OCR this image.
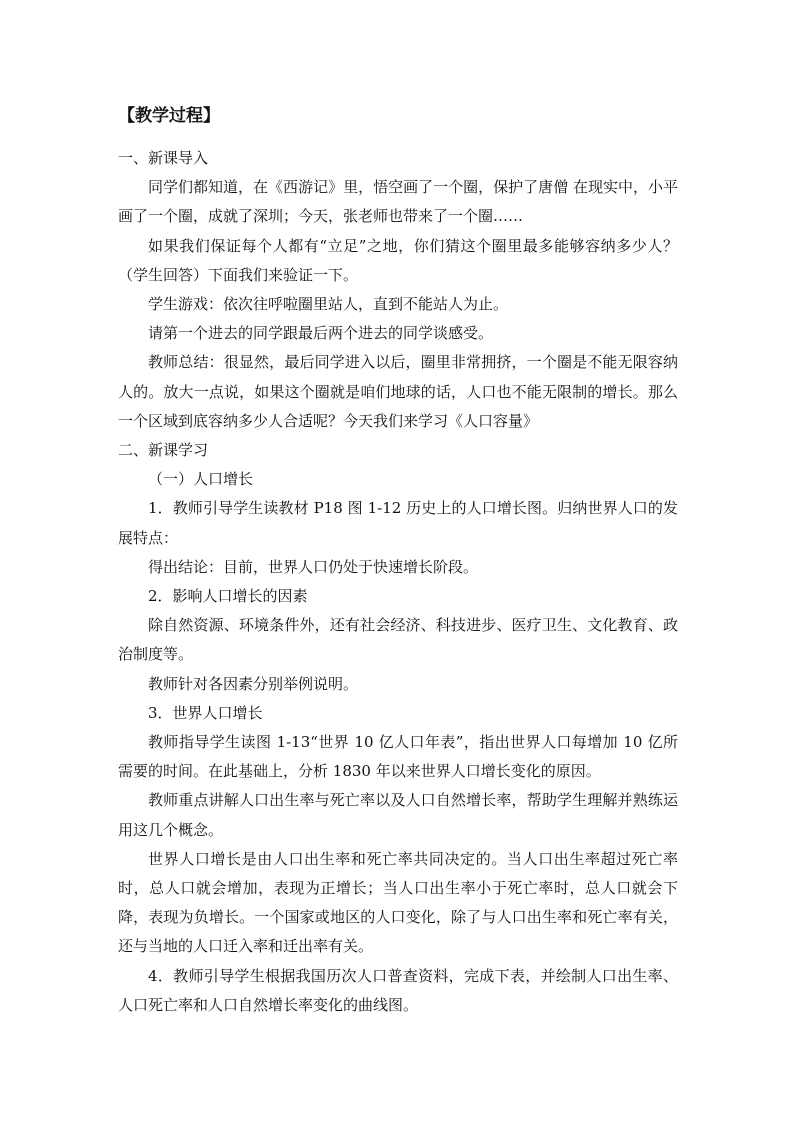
【教学过程】

一、新课导入

同学们都知道，在《西游记》里，悟空画了一个圈，保护了唐僧 在现实中，小平画了一个圈，成就了深圳；今天，张老师也带来了一个圈……

如果我们保证每个人都有“立足”之地，你们猜这个圈里最多能够容纳多少人？（学生回答）下面我们来验证一下。

学生游戏：依次往呼啦圈里站人，直到不能站人为止。

请第一个进去的同学跟最后两个进去的同学谈感受。

教师总结：很显然，最后同学进入以后，圈里非常拥挤，一个圈是不能无限容纳人的。放大一点说，如果这个圈就是咱们地球的话，人口也不能无限制的增长。那么一个区域到底容纳多少人合适呢？今天我们来学习《人口容量》

二、新课学习

（一）人口增长

1．教师引导学生读教材 P18 图 1-12 历史上的人口增长图。归纳世界人口的发展特点：

得出结论：目前，世界人口仍处于快速增长阶段。

2．影响人口增长的因素

除自然资源、环境条件外，还有社会经济、科技进步、医疗卫生、文化教育、政治制度等。

教师针对各因素分别举例说明。

3．世界人口增长

教师指导学生读图 1-13“世界 10 亿人口年表”，指出世界人口每增加 10 亿所需要的时间。在此基础上，分析 1830 年以来世界人口增长变化的原因。

教师重点讲解人口出生率与死亡率以及人口自然增长率，帮助学生理解并熟练运用这几个概念。

世界人口增长是由人口出生率和死亡率共同决定的。当人口出生率超过死亡率时，总人口就会增加，表现为正增长；当人口出生率小于死亡率时，总人口就会下降，表现为负增长。一个国家或地区的人口变化，除了与人口出生率和死亡率有关，还与当地的人口迁入率和迁出率有关。

4．教师引导学生根据我国历次人口普查资料，完成下表，并绘制人口出生率、人口死亡率和人口自然增长率变化的曲线图。
